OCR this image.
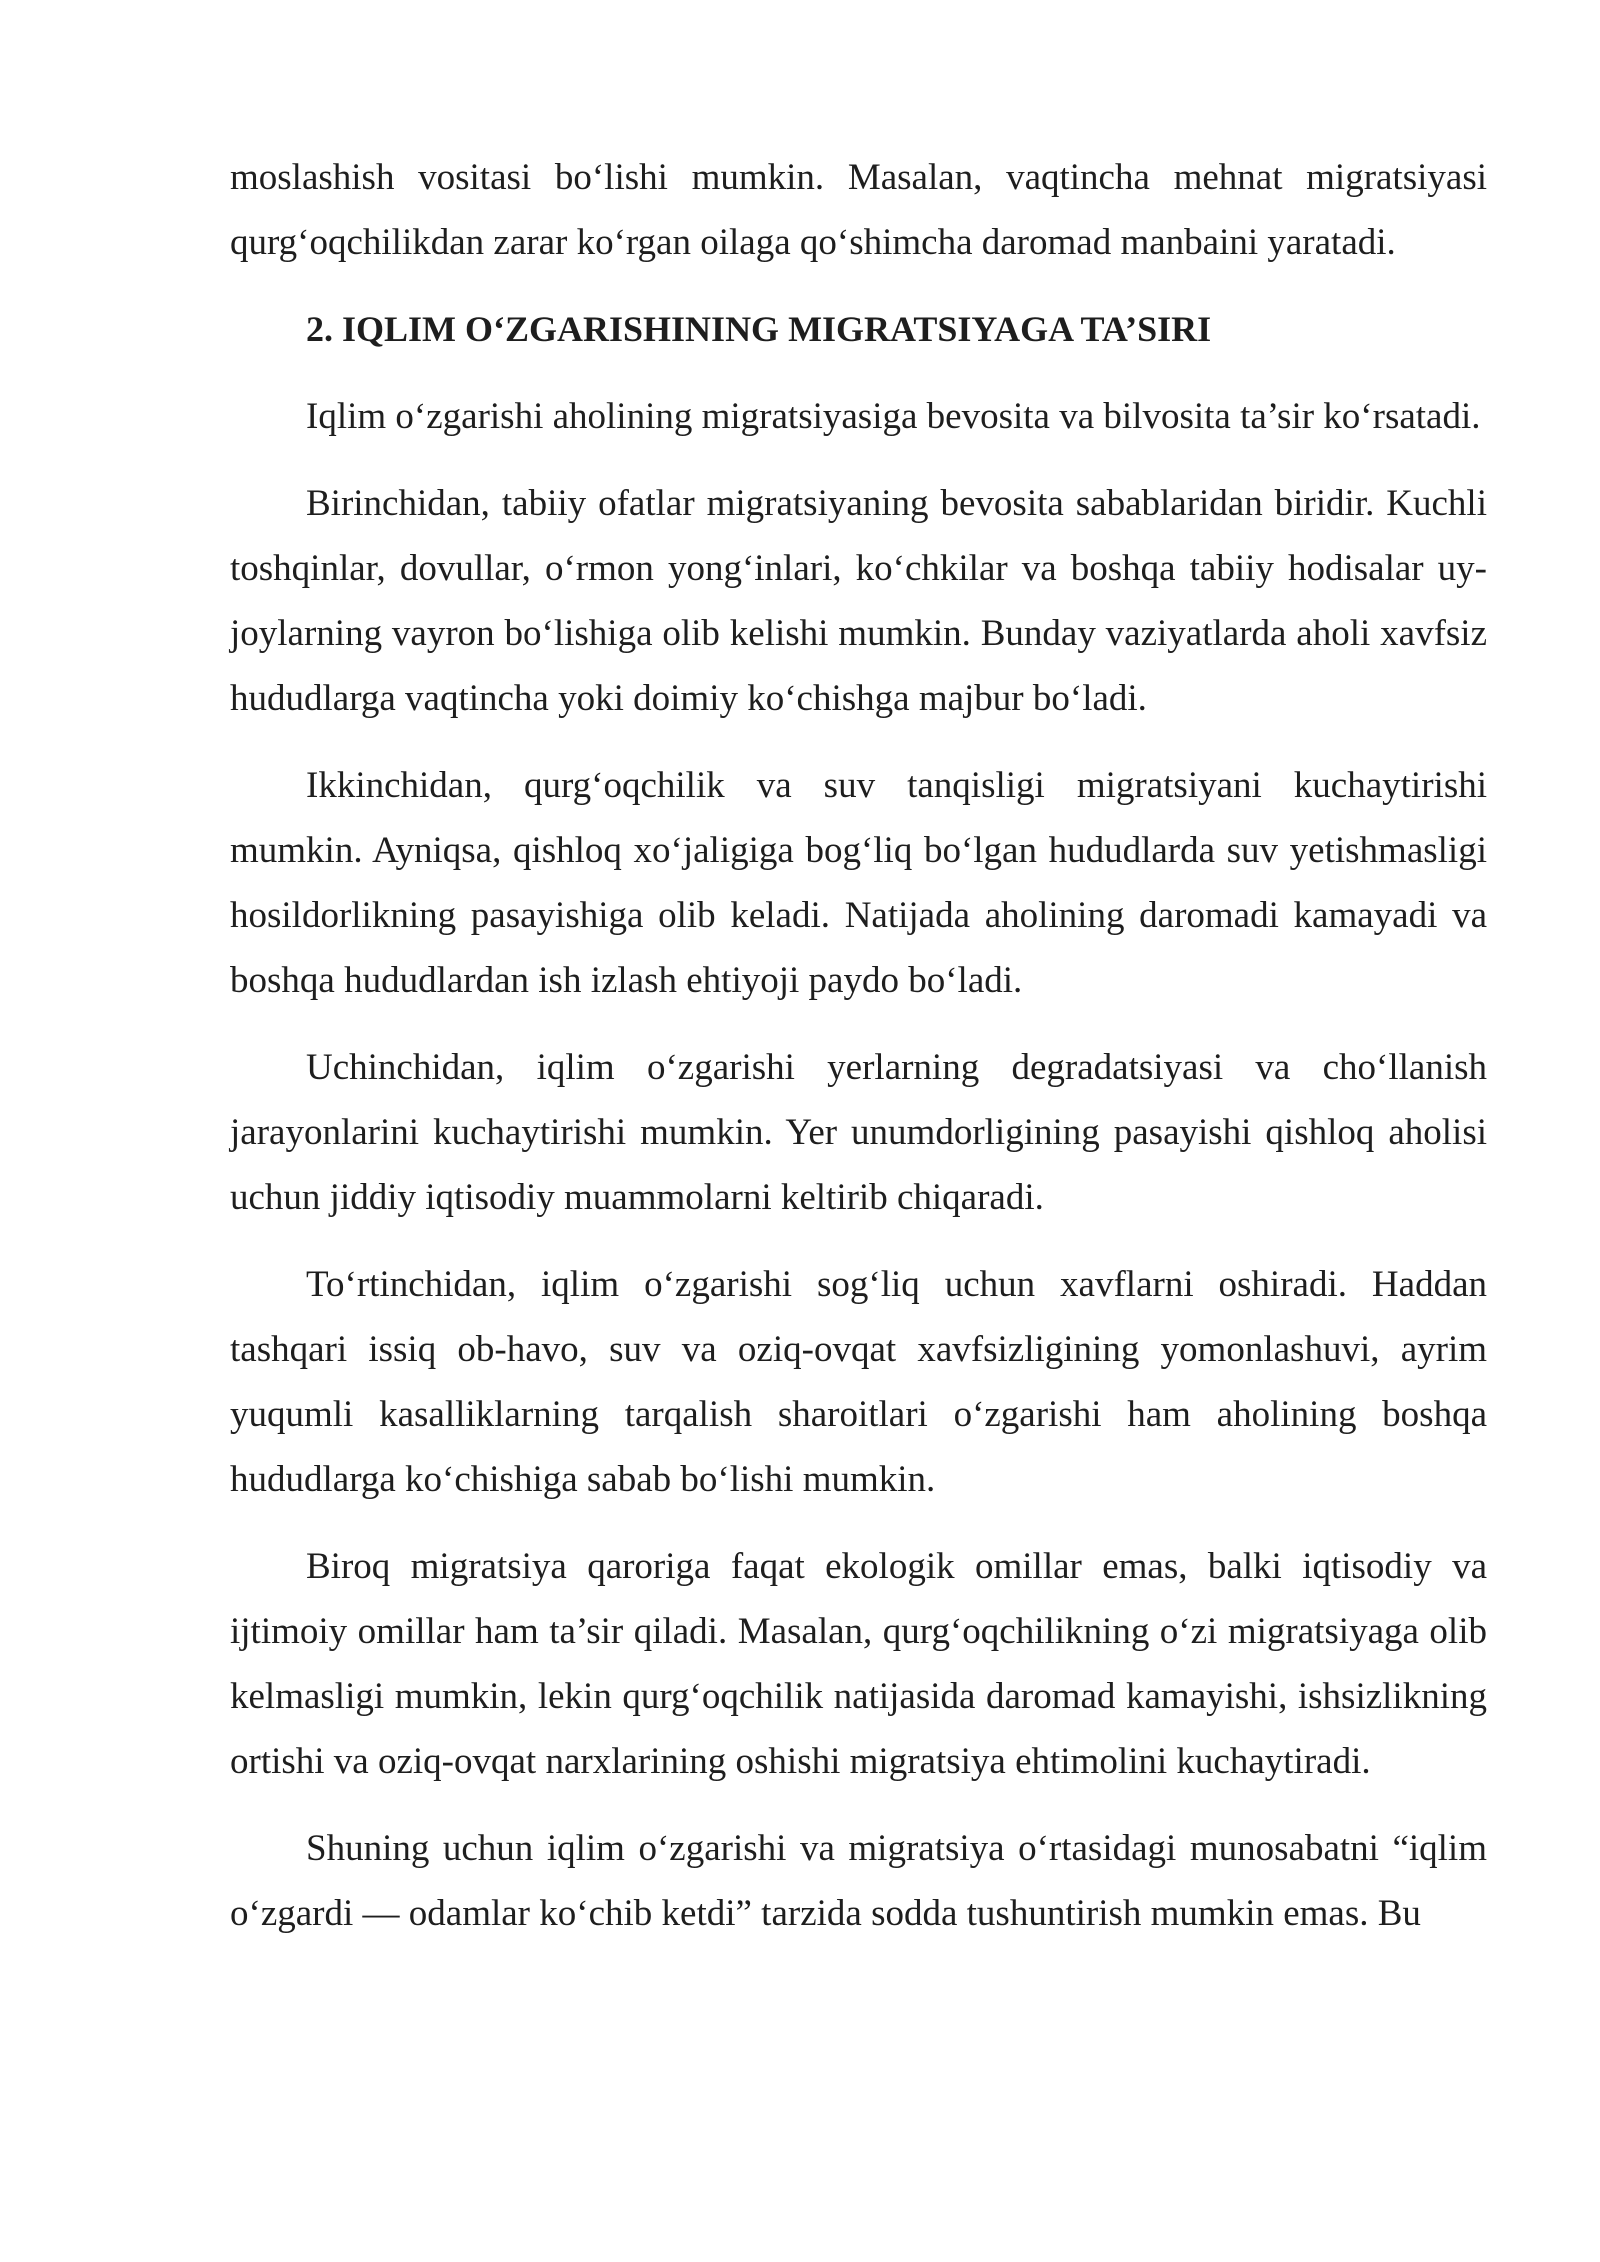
moslashish vositasi bo‘lishi mumkin. Masalan, vaqtincha mehnat migratsiyasi qurg‘oqchilikdan zarar ko‘rgan oilaga qo‘shimcha daromad manbaini yaratadi.

2. IQLIM O‘ZGARISHINING MIGRATSIYAGA TA’SIRI

Iqlim o‘zgarishi aholining migratsiyasiga bevosita va bilvosita ta’sir ko‘rsatadi.

Birinchidan, tabiiy ofatlar migratsiyaning bevosita sabablaridan biridir. Kuchli toshqinlar, dovullar, o‘rmon yong‘inlari, ko‘chkilar va boshqa tabiiy hodisalar uy-joylarning vayron bo‘lishiga olib kelishi mumkin. Bunday vaziyatlarda aholi xavfsiz hududlarga vaqtincha yoki doimiy ko‘chishga majbur bo‘ladi.

Ikkinchidan, qurg‘oqchilik va suv tanqisligi migratsiyani kuchaytirishi mumkin. Ayniqsa, qishloq xo‘jaligiga bog‘liq bo‘lgan hududlarda suv yetishmasligi hosildorlikning pasayishiga olib keladi. Natijada aholining daromadi kamayadi va boshqa hududlardan ish izlash ehtiyoji paydo bo‘ladi.

Uchinchidan, iqlim o‘zgarishi yerlarning degradatsiyasi va cho‘llanish jarayonlarini kuchaytirishi mumkin. Yer unumdorligining pasayishi qishloq aholisi uchun jiddiy iqtisodiy muammolarni keltirib chiqaradi.

To‘rtinchidan, iqlim o‘zgarishi sog‘liq uchun xavflarni oshiradi. Haddan tashqari issiq ob-havo, suv va oziq-ovqat xavfsizligining yomonlashuvi, ayrim yuqumli kasalliklarning tarqalish sharoitlari o‘zgarishi ham aholining boshqa hududlarga ko‘chishiga sabab bo‘lishi mumkin.

Biroq migratsiya qaroriga faqat ekologik omillar emas, balki iqtisodiy va ijtimoiy omillar ham ta’sir qiladi. Masalan, qurg‘oqchilikning o‘zi migratsiyaga olib kelmasligi mumkin, lekin qurg‘oqchilik natijasida daromad kamayishi, ishsizlikning ortishi va oziq-ovqat narxlarining oshishi migratsiya ehtimolini kuchaytiradi.

Shuning uchun iqlim o‘zgarishi va migratsiya o‘rtasidagi munosabatni “iqlim o‘zgardi — odamlar ko‘chib ketdi” tarzida sodda tushuntirish mumkin emas. Bu
